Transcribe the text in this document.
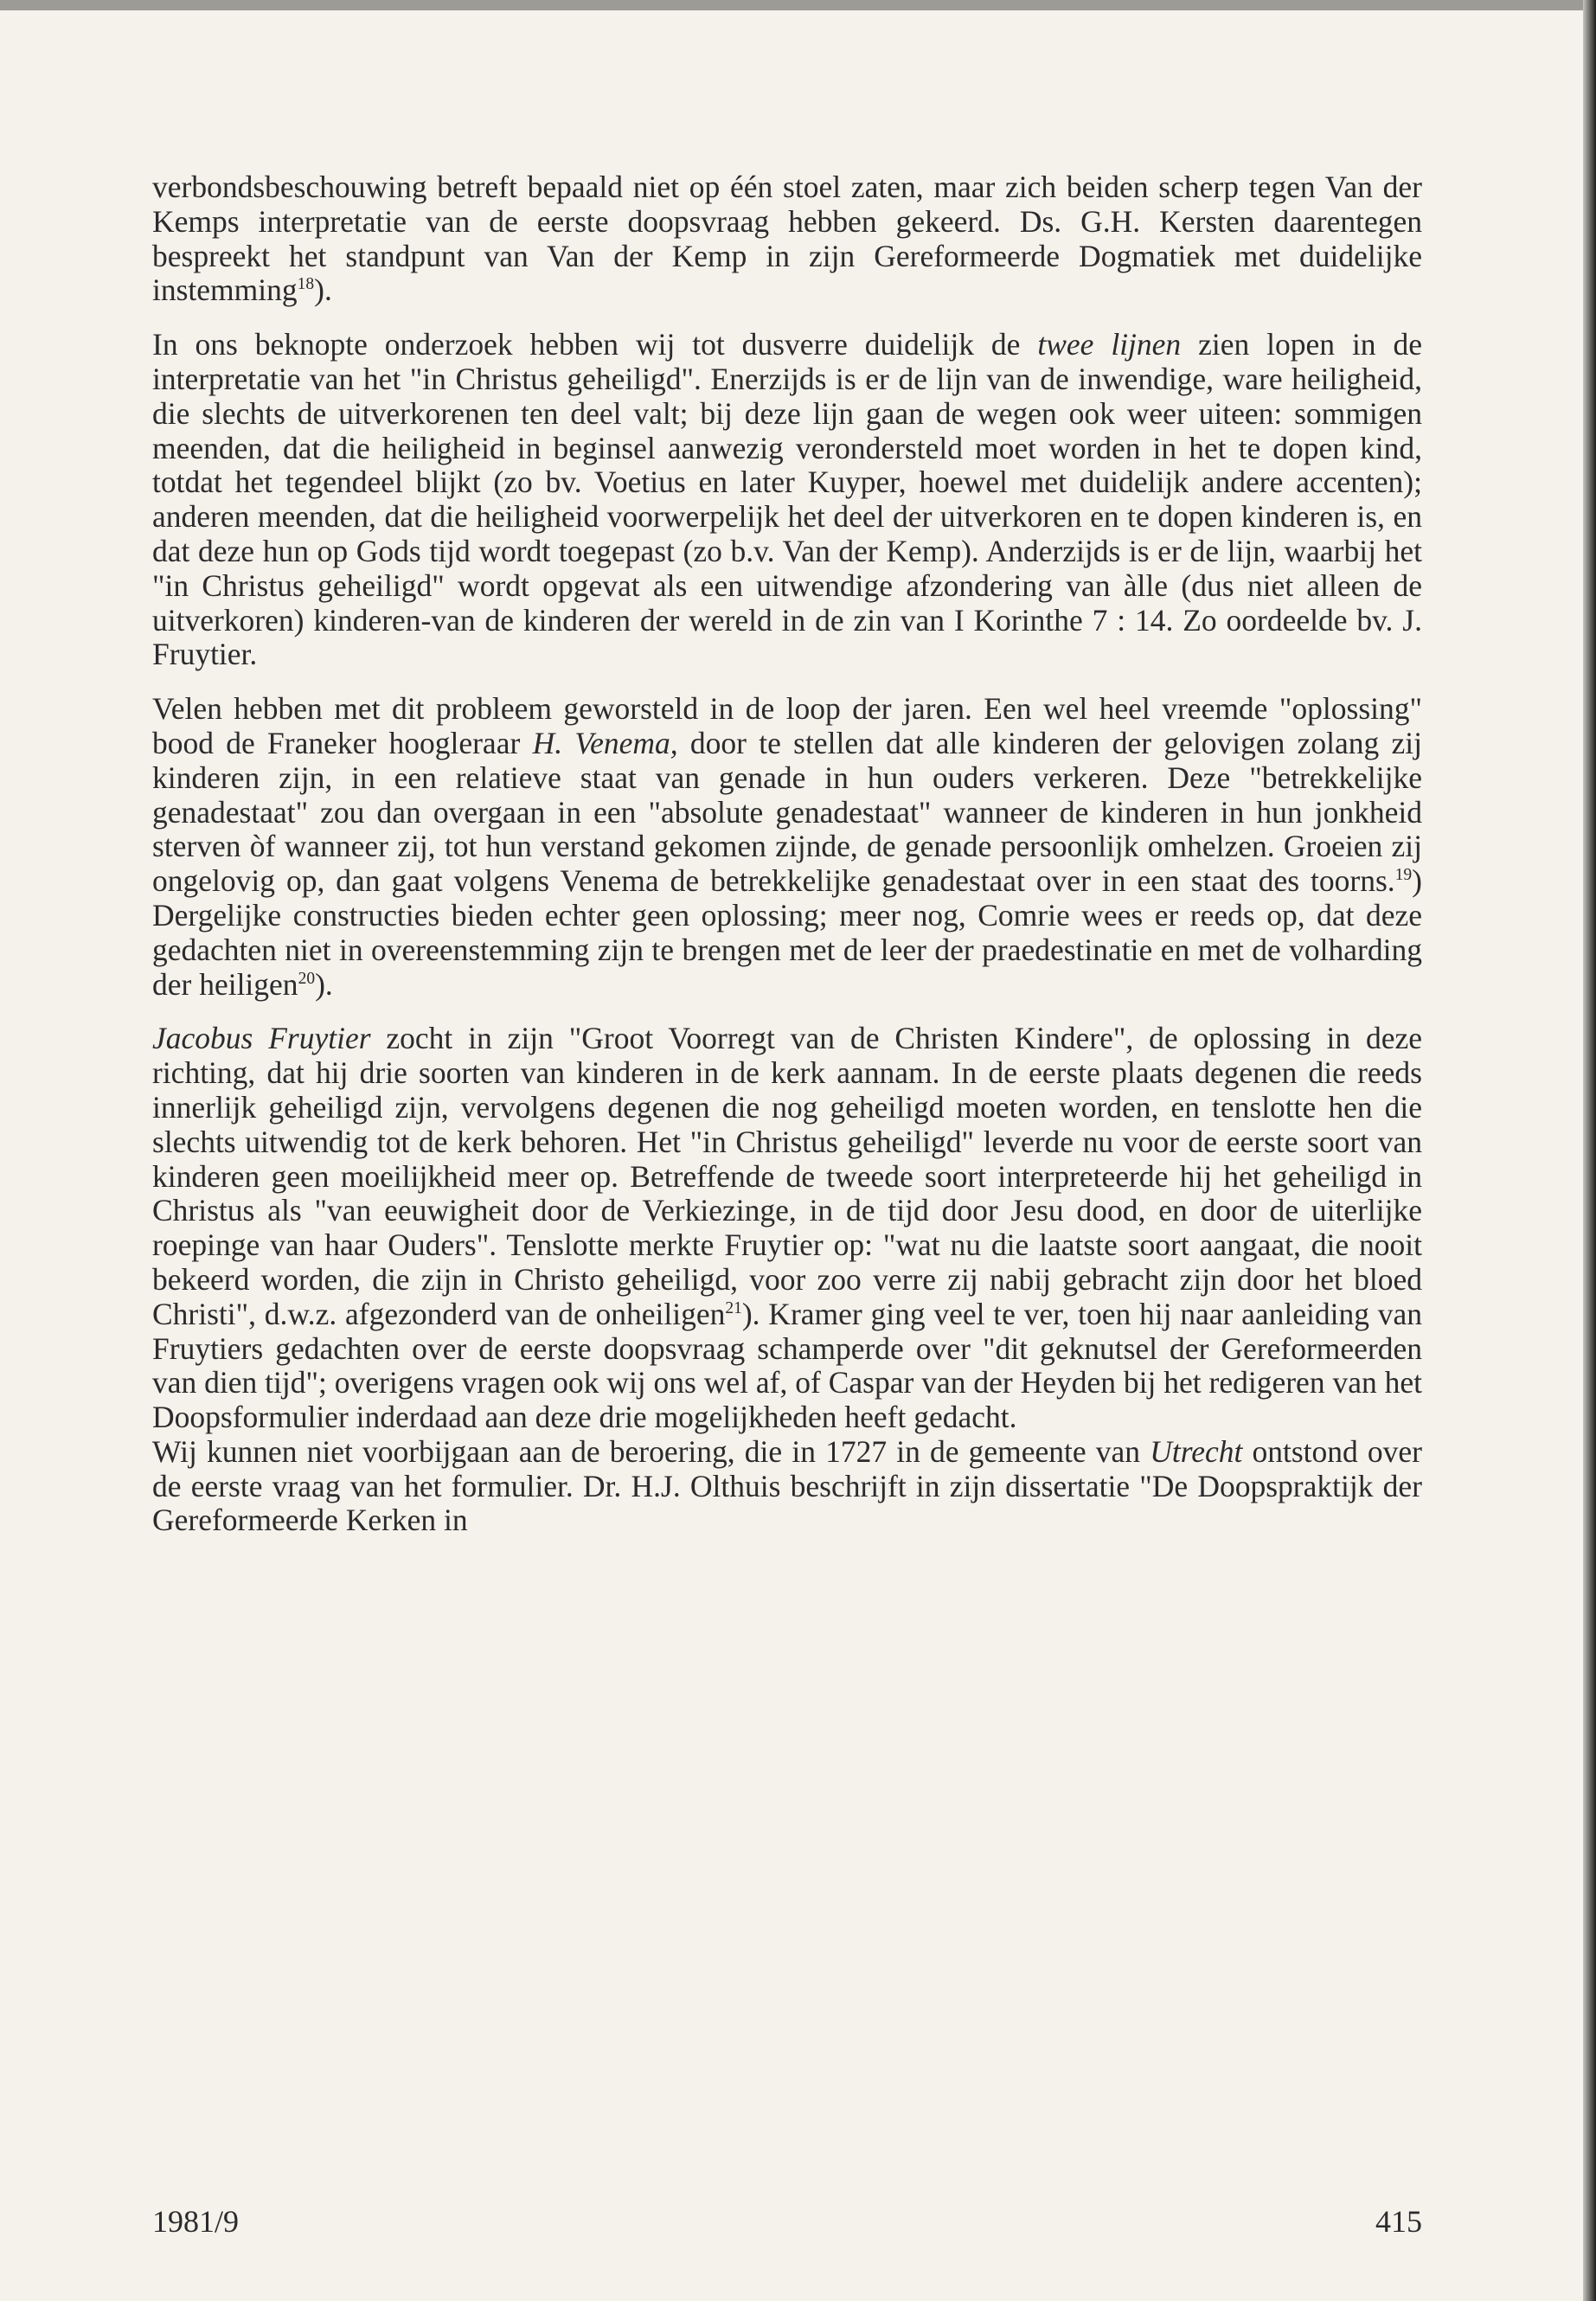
verbondsbeschouwing betreft bepaald niet op één stoel zaten, maar zich beiden scherp tegen Van der Kemps interpretatie van de eerste doopsvraag hebben gekeerd. Ds. G.H. Kersten daarentegen bespreekt het standpunt van Van der Kemp in zijn Gereformeerde Dogmatiek met duidelijke instemming$^{18}$).

In ons beknopte onderzoek hebben wij tot dusverre duidelijk de twee lijnen zien lopen in de interpretatie van het "in Christus geheiligd". Enerzijds is er de lijn van de inwendige, ware heiligheid, die slechts de uitverkorenen ten deel valt; bij deze lijn gaan de wegen ook weer uiteen: sommigen meenden, dat die heiligheid in beginsel aanwezig verondersteld moet worden in het te dopen kind, totdat het tegendeel blijkt (zo bv. Voetius en later Kuyper, hoewel met duidelijk andere accenten); anderen meenden, dat die heiligheid voorwerpelijk het deel der uitverkoren en te dopen kinderen is, en dat deze hun op Gods tijd wordt toegepast (zo b.v. Van der Kemp). Anderzijds is er de lijn, waarbij het "in Christus geheiligd" wordt opgevat als een uitwendige afzondering van àlle (dus niet alleen de uitverkoren) kinderen-van de kinderen der wereld in de zin van I Korinthe 7 : 14. Zo oordeelde bv. J. Fruytier.

Velen hebben met dit probleem geworsteld in de loop der jaren. Een wel heel vreemde "oplossing" bood de Franeker hoogleraar H. Venema, door te stellen dat alle kinderen der gelovigen zolang zij kinderen zijn, in een relatieve staat van genade in hun ouders verkeren. Deze "betrekkelijke genadestaat" zou dan overgaan in een "absolute genadestaat" wanneer de kinderen in hun jonkheid sterven òf wanneer zij, tot hun verstand gekomen zijnde, de genade persoonlijk omhelzen. Groeien zij ongelovig op, dan gaat volgens Venema de betrekkelijke genadestaat over in een staat des toorns.$^{19}$) Dergelijke constructies bieden echter geen oplossing; meer nog, Comrie wees er reeds op, dat deze gedachten niet in overeenstemming zijn te brengen met de leer der praedestinatie en met de volharding der heiligen$^{20}$).

Jacobus Fruytier zocht in zijn "Groot Voorregt van de Christen Kindere", de oplossing in deze richting, dat hij drie soorten van kinderen in de kerk aannam. In de eerste plaats degenen die reeds innerlijk geheiligd zijn, vervolgens degenen die nog geheiligd moeten worden, en tenslotte hen die slechts uitwendig tot de kerk behoren. Het "in Christus geheiligd" leverde nu voor de eerste soort van kinderen geen moeilijkheid meer op. Betreffende de tweede soort interpreteerde hij het geheiligd in Christus als "van eeuwigheit door de Verkiezinge, in de tijd door Jesu dood, en door de uiterlijke roepinge van haar Ouders". Tenslotte merkte Fruytier op: "wat nu die laatste soort aangaat, die nooit bekeerd worden, die zijn in Christo geheiligd, voor zoo verre zij nabij gebracht zijn door het bloed Christi", d.w.z. afgezonderd van de onheiligen$^{21}$). Kramer ging veel te ver, toen hij naar aanleiding van Fruytiers gedachten over de eerste doopsvraag schamperde over "dit geknutsel der Gereformeerden van dien tijd"; overigens vragen ook wij ons wel af, of Caspar van der Heyden bij het redigeren van het Doopsformulier inderdaad aan deze drie mogelijkheden heeft gedacht.

Wij kunnen niet voorbijgaan aan de beroering, die in 1727 in de gemeente van Utrecht ontstond over de eerste vraag van het formulier. Dr. H.J. Olthuis beschrijft in zijn dissertatie "De Doopspraktijk der Gereformeerde Kerken in

1981/9	415
